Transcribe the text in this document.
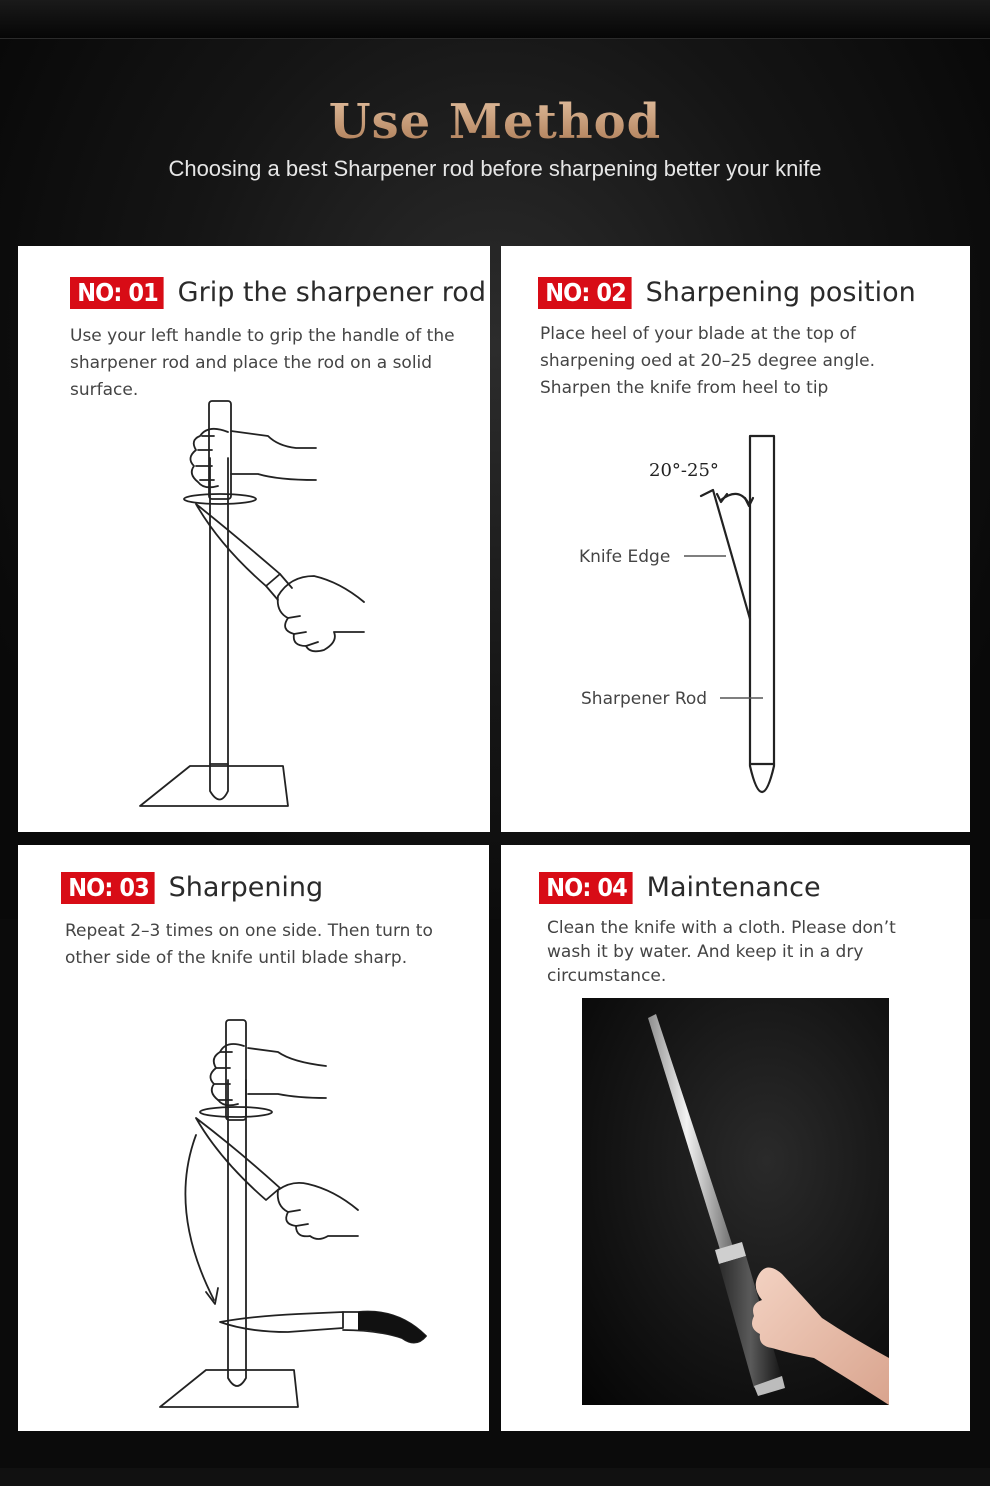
Use Method
Choosing a best Sharpener rod before sharpening better your knife
NO: 01 Grip the sharpener rod
Use your left handle to grip the handle of the
sharpener rod and place the rod on a solid
surface.
NO: 02 Sharpening position
Place heel of your blade at the top of
sharpening oed at 20–25 degree angle.
Sharpen the knife from heel to tip
20°-25°
Knife Edge
Sharpener Rod
NO: 03 Sharpening
Repeat 2–3 times on one side. Then turn to
other side of the knife until blade sharp.
NO: 04 Maintenance
Clean the knife with a cloth. Please don’t
wash it by water. And keep it in a dry
circumstance.
